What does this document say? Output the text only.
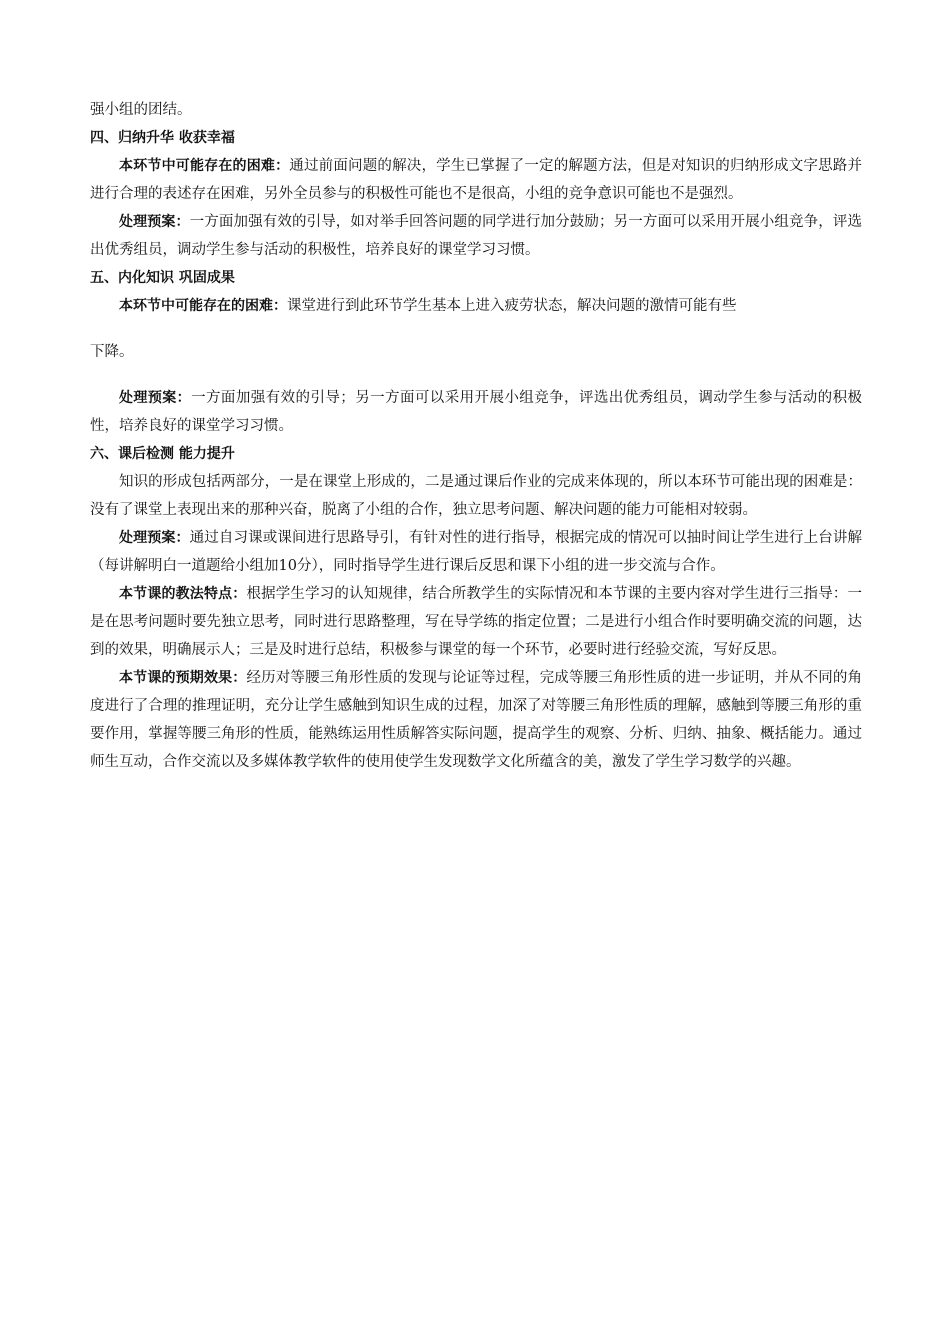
强小组的团结。

四、归纳升华 收获幸福

本环节中可能存在的困难：通过前面问题的解决，学生已掌握了一定的解题方法，但是对知识的归纳形成文字思路并进行合理的表述存在困难，另外全员参与的积极性可能也不是很高，小组的竞争意识可能也不是强烈。

处理预案：一方面加强有效的引导，如对举手回答问题的同学进行加分鼓励；另一方面可以采用开展小组竞争，评选出优秀组员，调动学生参与活动的积极性，培养良好的课堂学习习惯。

五、内化知识 巩固成果

本环节中可能存在的困难：课堂进行到此环节学生基本上进入疲劳状态，解决问题的激情可能有些

下降。

处理预案：一方面加强有效的引导；另一方面可以采用开展小组竞争，评选出优秀组员，调动学生参与活动的积极性，培养良好的课堂学习习惯。

六、课后检测 能力提升

知识的形成包括两部分，一是在课堂上形成的，二是通过课后作业的完成来体现的，所以本环节可能出现的困难是：没有了课堂上表现出来的那种兴奋，脱离了小组的合作，独立思考问题、解决问题的能力可能相对较弱。

处理预案：通过自习课或课间进行思路导引，有针对性的进行指导，根据完成的情况可以抽时间让学生进行上台讲解（每讲解明白一道题给小组加10分），同时指导学生进行课后反思和课下小组的进一步交流与合作。

本节课的教法特点：根据学生学习的认知规律，结合所教学生的实际情况和本节课的主要内容对学生进行三指导：一是在思考问题时要先独立思考，同时进行思路整理，写在导学练的指定位置；二是进行小组合作时要明确交流的问题，达到的效果，明确展示人；三是及时进行总结，积极参与课堂的每一个环节，必要时进行经验交流，写好反思。

本节课的预期效果：经历对等腰三角形性质的发现与论证等过程，完成等腰三角形性质的进一步证明，并从不同的角度进行了合理的推理证明，充分让学生感触到知识生成的过程，加深了对等腰三角形性质的理解，感触到等腰三角形的重要作用，掌握等腰三角形的性质，能熟练运用性质解答实际问题，提高学生的观察、分析、归纳、抽象、概括能力。通过师生互动，合作交流以及多媒体教学软件的使用使学生发现数学文化所蕴含的美，激发了学生学习数学的兴趣。
